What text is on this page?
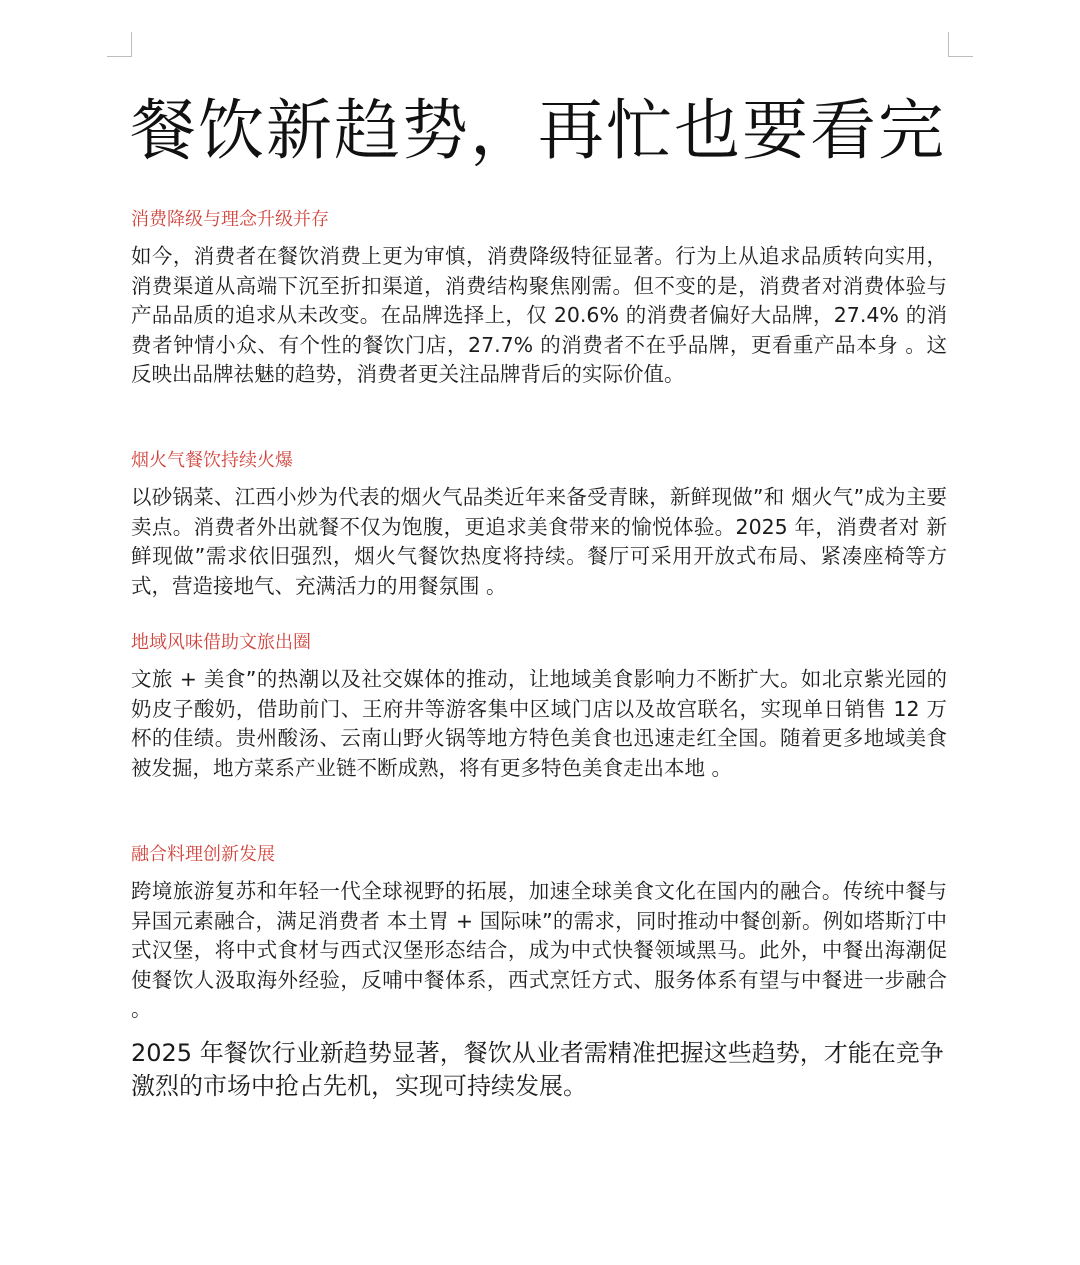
餐饮新趋势，再忙也要看完
消费降级与理念升级并存

如今，消费者在餐饮消费上更为审慎，消费降级特征显著。行为上从追求品质转向实用，消费渠道从高端下沉至折扣渠道，消费结构聚焦刚需。但不变的是，消费者对消费体验与产品品质的追求从未改变。在品牌选择上，仅 20.6% 的消费者偏好大品牌，27.4% 的消费者钟情小众、有个性的餐饮门店，27.7% 的消费者不在乎品牌，更看重产品本身 。这反映出品牌祛魅的趋势，消费者更关注品牌背后的实际价值。

烟火气餐饮持续火爆

以砂锅菜、江西小炒为代表的烟火气品类近年来备受青睐，新鲜现做”和 烟火气”成为主要卖点。消费者外出就餐不仅为饱腹，更追求美食带来的愉悦体验。2025 年，消费者对 新鲜现做”需求依旧强烈，烟火气餐饮热度将持续。餐厅可采用开放式布局、紧凑座椅等方式，营造接地气、充满活力的用餐氛围 。

地域风味借助文旅出圈

文旅 + 美食”的热潮以及社交媒体的推动，让地域美食影响力不断扩大。如北京紫光园的奶皮子酸奶，借助前门、王府井等游客集中区域门店以及故宫联名，实现单日销售 12 万杯的佳绩。贵州酸汤、云南山野火锅等地方特色美食也迅速走红全国。随着更多地域美食被发掘，地方菜系产业链不断成熟，将有更多特色美食走出本地 。

融合料理创新发展

跨境旅游复苏和年轻一代全球视野的拓展，加速全球美食文化在国内的融合。传统中餐与异国元素融合，满足消费者 本土胃 + 国际味”的需求，同时推动中餐创新。例如塔斯汀中式汉堡，将中式食材与西式汉堡形态结合，成为中式快餐领域黑马。此外，中餐出海潮促使餐饮人汲取海外经验，反哺中餐体系，西式烹饪方式、服务体系有望与中餐进一步融合 。

2025 年餐饮行业新趋势显著，餐饮从业者需精准把握这些趋势，才能在竞争激烈的市场中抢占先机，实现可持续发展。
